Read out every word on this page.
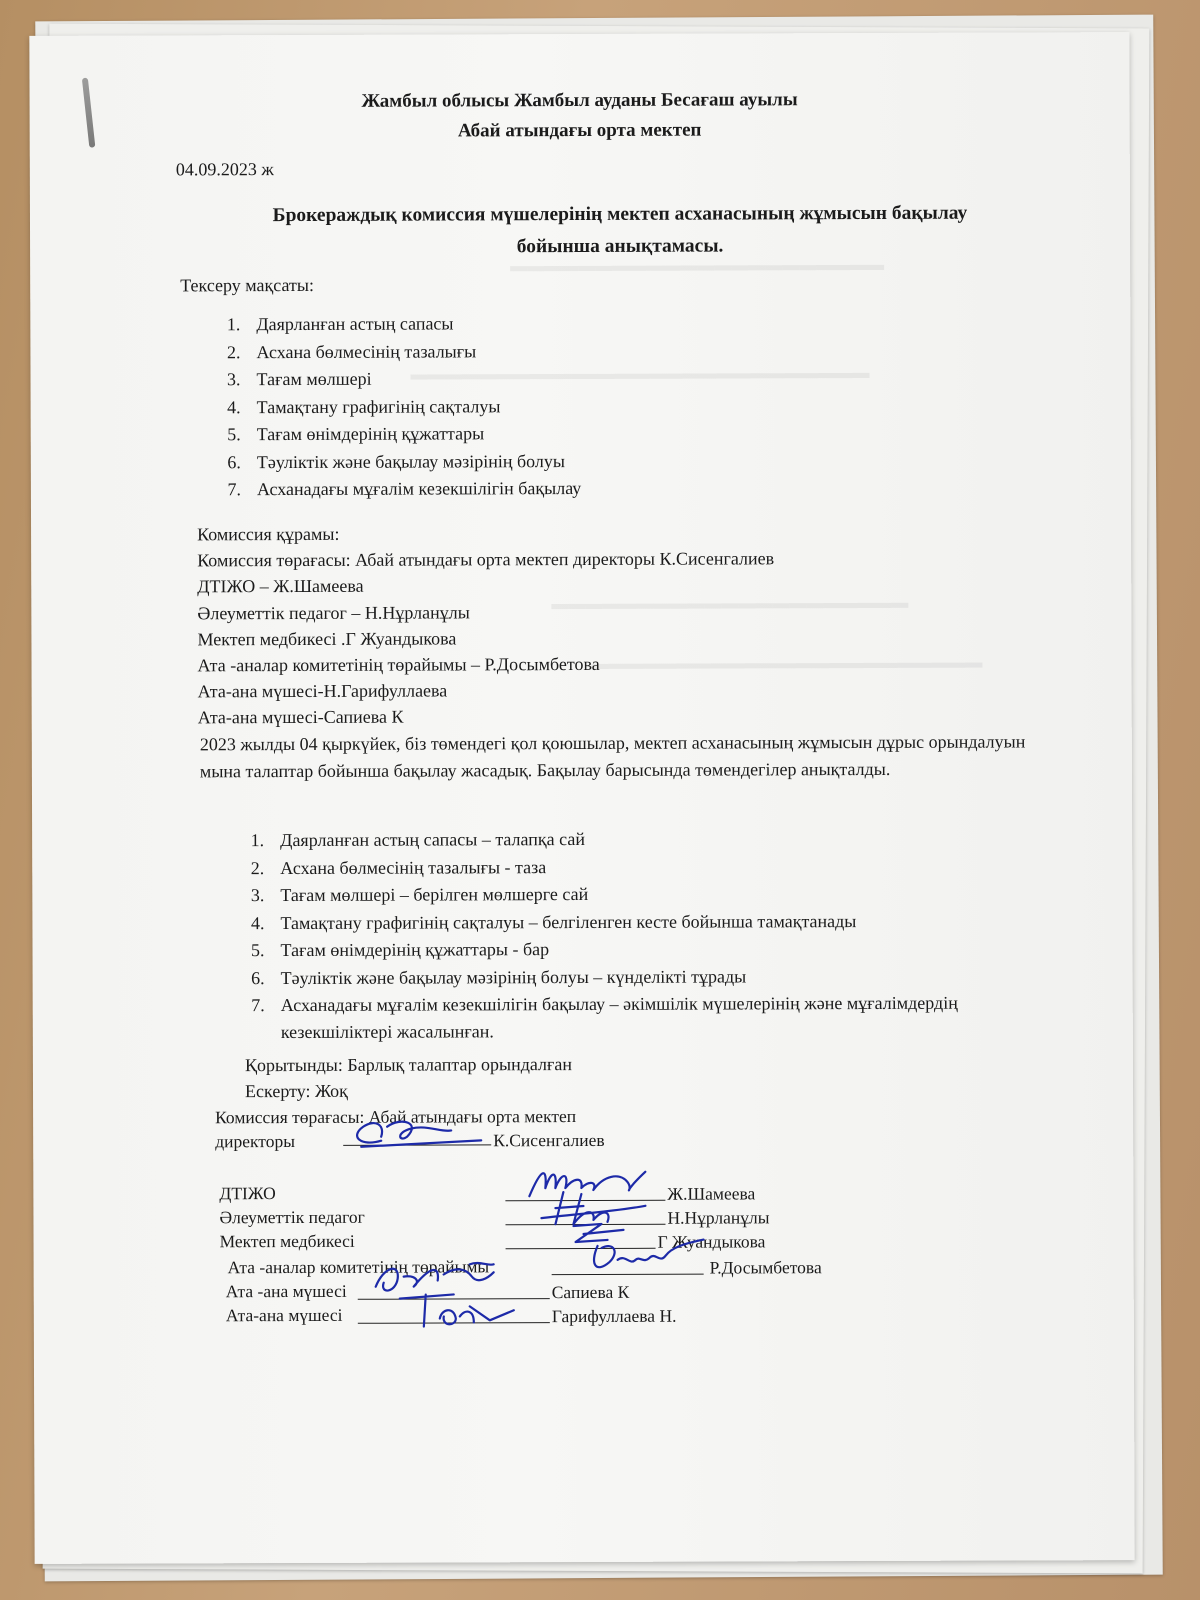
▬▬▬▬▬▬▬▬▬▬▬▬▬▬▬▬▬▬▬▬▬▬
▬▬▬▬▬▬▬▬▬▬▬▬▬▬▬▬▬▬▬▬▬▬▬▬▬▬▬
▬▬▬▬▬▬▬▬▬▬▬▬▬▬▬▬▬▬▬▬▬
▬▬▬▬▬▬▬▬▬▬▬▬▬▬▬▬▬▬▬▬▬▬▬
Жамбыл облысы Жамбыл ауданы Бесағаш ауылы
Абай атындағы орта мектеп
04.09.2023 ж
Брокераждық комиссия мүшелерінің мектеп асханасының жұмысын бақылау
бойынша анықтамасы.
Тексеру мақсаты:
1. Даярланған астың сапасы
2. Асхана бөлмесінің тазалығы
3. Тағам мөлшері
4. Тамақтану графигінің сақталуы
5. Тағам өнімдерінің құжаттары
6. Тәуліктік және бақылау мәзірінің болуы
7. Асханадағы мұғалім кезекшілігін бақылау
Комиссия құрамы:
Комиссия төрағасы: Абай атындағы орта мектеп директоры К.Сисенгалиев
ДТІЖО – Ж.Шамеева
Әлеуметтік педагог – Н.Нұрланұлы
Мектеп медбикесі .Г Жуандыкова
Ата -аналар комитетінің төрайымы – Р.Досымбетова
Ата-ана мүшесі-Н.Гарифуллаева
Ата-ана мүшесі-Сапиева К
2023 жылды 04 қыркүйек, біз төмендегі қол қоюшылар, мектеп асханасының жұмысын дұрыс орындалуын мына талаптар бойынша бақылау жасадық. Бақылау барысында төмендегілер анықталды.
1. Даярланған астың сапасы – талапқа сай
2. Асхана бөлмесінің тазалығы - таза
3. Тағам мөлшері – берілген мөлшерге сай
4. Тамақтану графигінің сақталуы – белгіленген кесте бойынша тамақтанады
5. Тағам өнімдерінің құжаттары - бар
6. Тәуліктік және бақылау мәзірінің болуы – күнделікті тұрады
7. Асханадағы мұғалім кезекшілігін бақылау – әкімшілік мүшелерінің және мұғалімдердің кезекшіліктері жасалынған.
Қорытынды: Барлық талаптар орындалған
Ескерту: Жоқ
Комиссия төрағасы: Абай атындағы орта мектеп
директоры	К.Сисенгалиев
ДТІЖО	Ж.Шамеева
Әлеуметтік педагог	Н.Нұрланұлы
Мектеп медбикесі	Г Жуандыкова
Ата -аналар комитетінің төрайымы	Р.Досымбетова
Ата -ана мүшесі	Сапиева К
Ата-ана мүшесі	Гарифуллаева Н.
